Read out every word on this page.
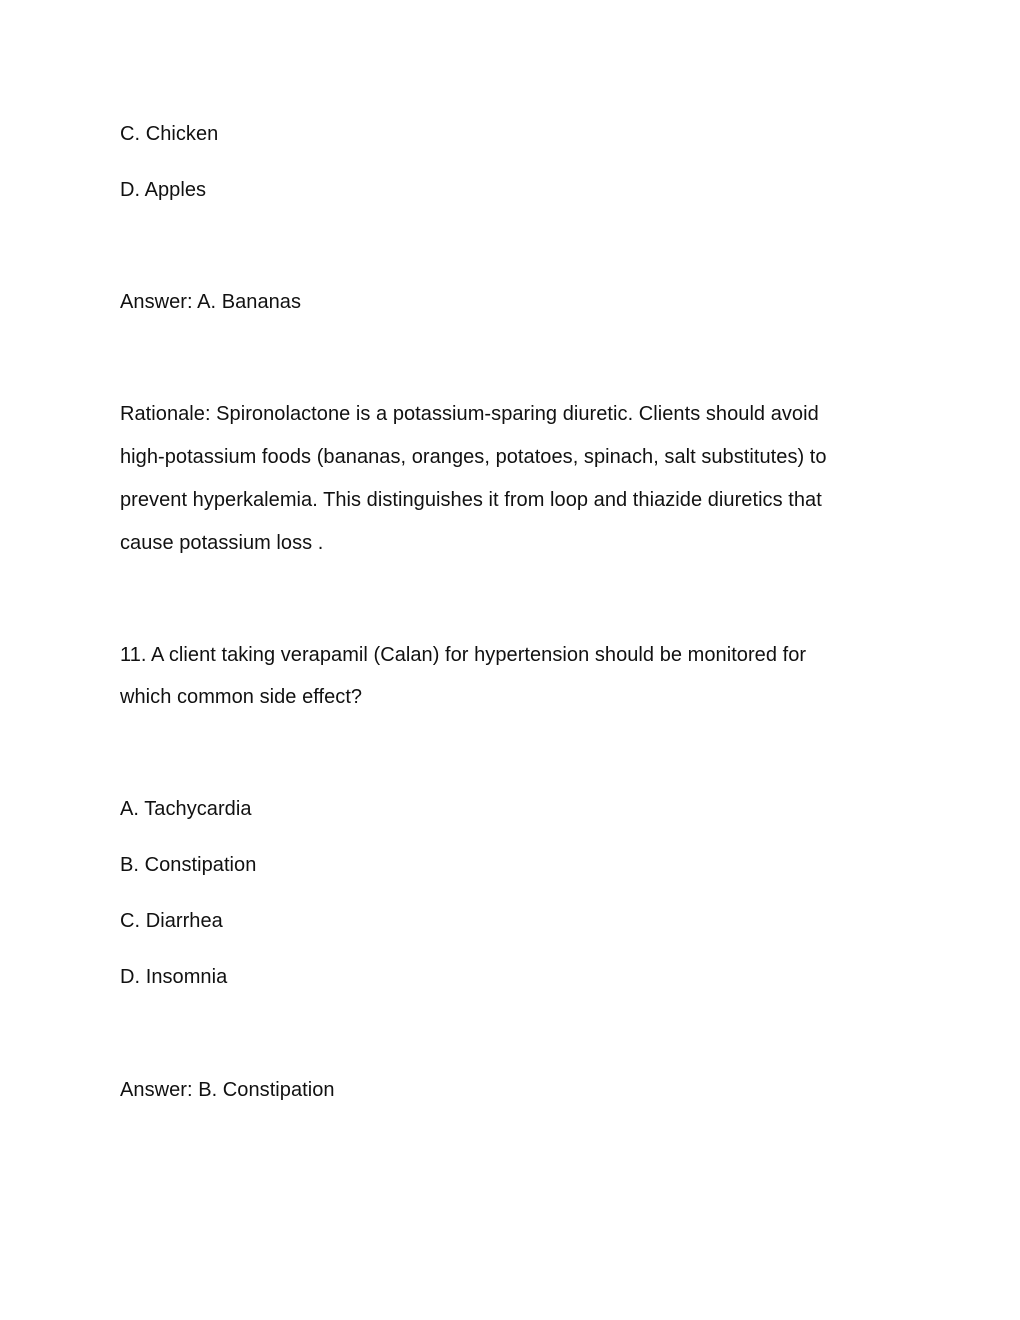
C. Chicken
D. Apples
Answer: A. Bananas
Rationale: Spironolactone is a potassium-sparing diuretic. Clients should avoid
high-potassium foods (bananas, oranges, potatoes, spinach, salt substitutes) to
prevent hyperkalemia. This distinguishes it from loop and thiazide diuretics that
cause potassium loss .
11. A client taking verapamil (Calan) for hypertension should be monitored for
which common side effect?
A. Tachycardia
B. Constipation
C. Diarrhea
D. Insomnia
Answer: B. Constipation
